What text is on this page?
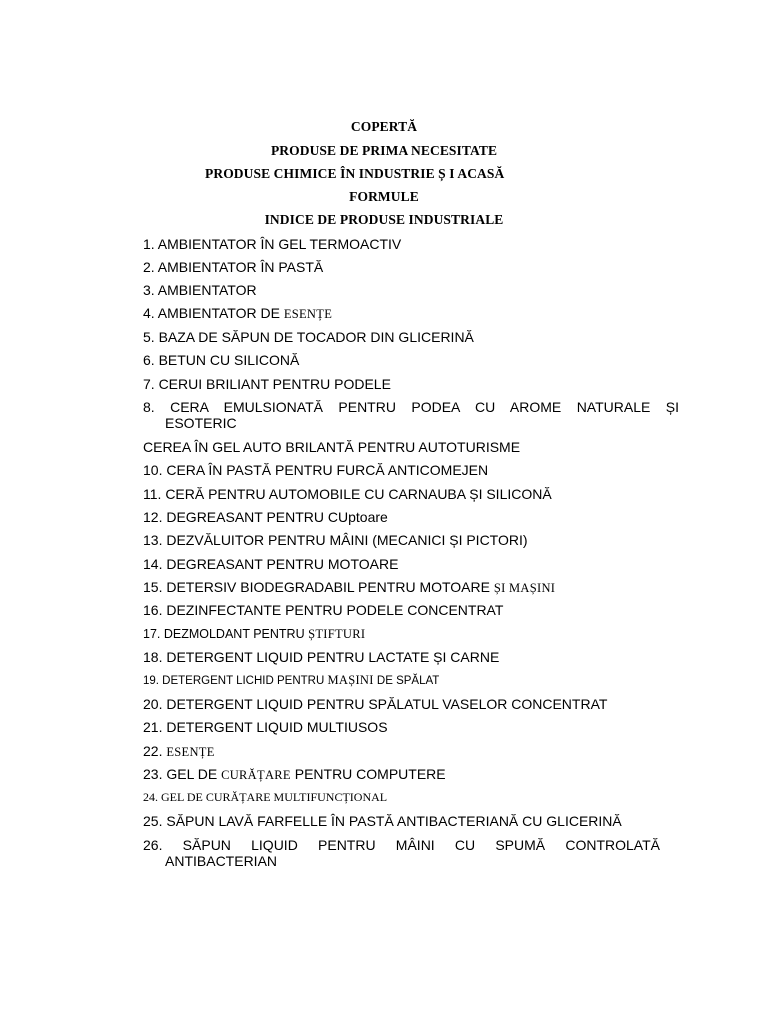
COPERTĂ
PRODUSE DE PRIMA NECESITATE
PRODUSE CHIMICE ÎN INDUSTRIE Ș I ACASĂ
FORMULE
INDICE DE PRODUSE INDUSTRIALE
1. AMBIENTATOR ÎN GEL TERMOACTIV
2. AMBIENTATOR ÎN PASTĂ
3. AMBIENTATOR
4. AMBIENTATOR DE ESENȚE
5. BAZA DE SĂPUN DE TOCADOR DIN GLICERINĂ
6. BETUN CU SILICONĂ
7. CERUI BRILIANT PENTRU PODELE
8. CERA EMULSIONATĂ PENTRU PODEA CU AROME NATURALE ȘI
ESOTERIC
CEREA ÎN GEL AUTO BRILANTĂ PENTRU AUTOTURISME
10. CERA ÎN PASTĂ PENTRU FURCĂ ANTICOMEJEN
11. CERĂ PENTRU AUTOMOBILE CU CARNAUBA ȘI SILICONĂ
12. DEGREASANT PENTRU CUptoare
13. DEZVĂLUITOR PENTRU MÂINI (MECANICI ȘI PICTORI)
14. DEGREASANT PENTRU MOTOARE
15. DETERSIV BIODEGRADABIL PENTRU MOTOARE ȘI MAȘINI
16. DEZINFECTANTE PENTRU PODELE CONCENTRAT
17. DEZMOLDANT PENTRU ȘTIFTURI
18. DETERGENT LIQUID PENTRU LACTATE ȘI CARNE
19. DETERGENT LICHID PENTRU MAȘINI DE SPĂLAT
20. DETERGENT LIQUID PENTRU SPĂLATUL VASELOR CONCENTRAT
21. DETERGENT LIQUID MULTIUSOS
22. ESENȚE
23. GEL DE CURĂȚARE PENTRU COMPUTERE
24. GEL DE CURĂȚARE MULTIFUNCȚIONAL
25. SĂPUN LAVĂ FARFELLE ÎN PASTĂ ANTIBACTERIANĂ CU GLICERINĂ
26. SĂPUN LIQUID PENTRU MÂINI CU SPUMĂ CONTROLATĂ
ANTIBACTERIAN
